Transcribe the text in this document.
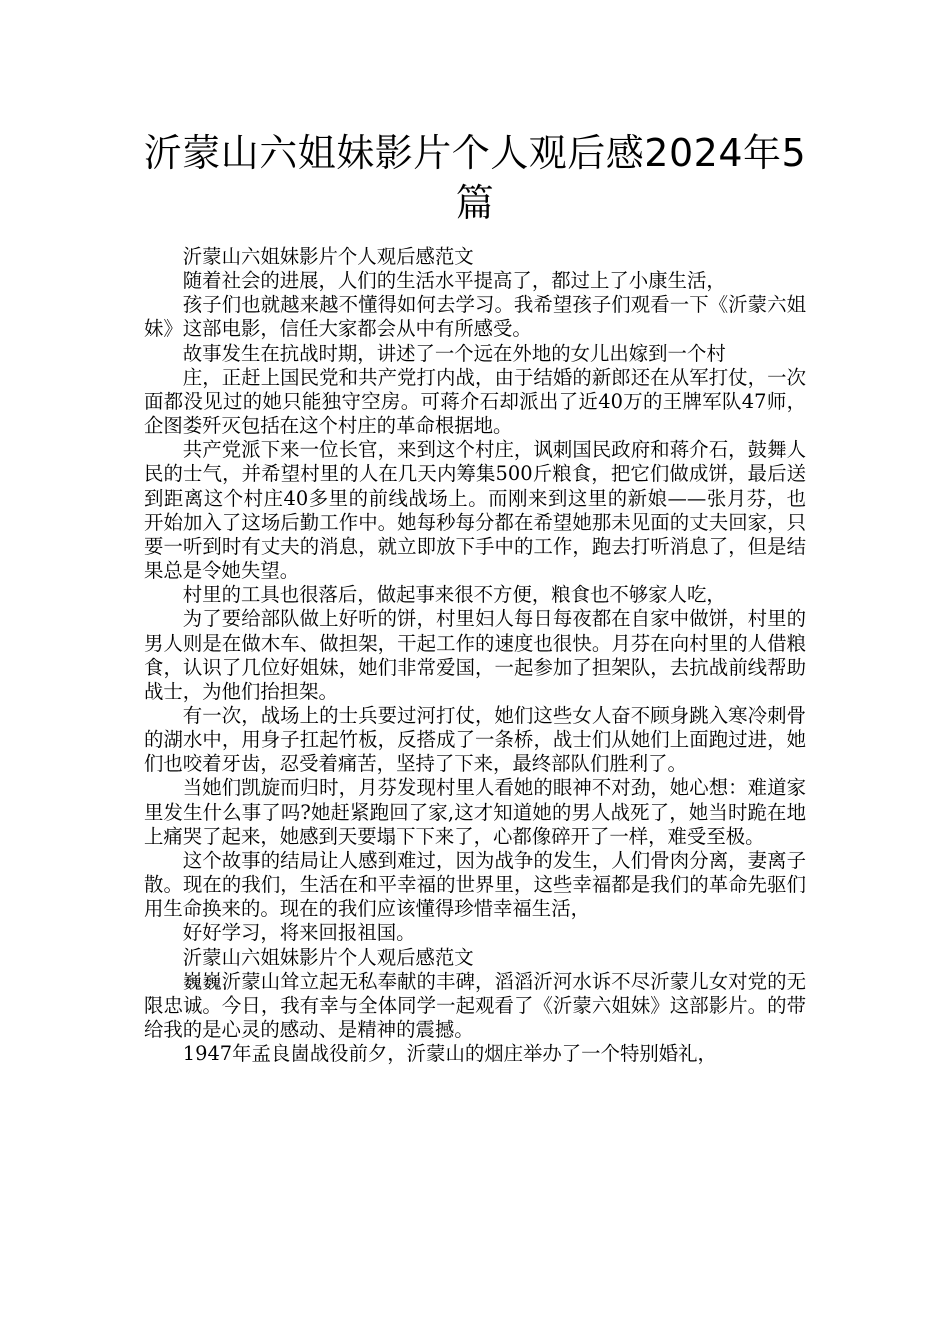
沂蒙山六姐妹影片个人观后感2024年5篇

沂蒙山六姐妹影片个人观后感范文

随着社会的进展，人们的生活水平提高了，都过上了小康生活，

孩子们也就越来越不懂得如何去学习。我希望孩子们观看一下《沂蒙六姐妹》这部电影，信任大家都会从中有所感受。

故事发生在抗战时期，讲述了一个远在外地的女儿出嫁到一个村

庄，正赶上国民党和共产党打内战，由于结婚的新郎还在从军打仗，一次面都没见过的她只能独守空房。可蒋介石却派出了近40万的王牌军队47师，企图娄歼灭包括在这个村庄的革命根据地。

共产党派下来一位长官，来到这个村庄，讽刺国民政府和蒋介石，鼓舞人民的士气，并希望村里的人在几天内筹集500斤粮食，把它们做成饼，最后送到距离这个村庄40多里的前线战场上。而刚来到这里的新娘——张月芬，也开始加入了这场后勤工作中。她每秒每分都在希望她那未见面的丈夫回家，只要一听到时有丈夫的消息，就立即放下手中的工作，跑去打听消息了，但是结果总是令她失望。

村里的工具也很落后，做起事来很不方便，粮食也不够家人吃，

为了要给部队做上好听的饼，村里妇人每日每夜都在自家中做饼，村里的男人则是在做木车、做担架，干起工作的速度也很快。月芬在向村里的人借粮食，认识了几位好姐妹，她们非常爱国，一起参加了担架队，去抗战前线帮助战士，为他们抬担架。

有一次，战场上的士兵要过河打仗，她们这些女人奋不顾身跳入寒冷刺骨的湖水中，用身子扛起竹板，反搭成了一条桥，战士们从她们上面跑过进，她们也咬着牙齿，忍受着痛苦，坚持了下来，最终部队们胜利了。

当她们凯旋而归时，月芬发现村里人看她的眼神不对劲，她心想：难道家里发生什么事了吗?她赶紧跑回了家,这才知道她的男人战死了，她当时跪在地上痛哭了起来，她感到天要塌下下来了，心都像碎开了一样，难受至极。

这个故事的结局让人感到难过，因为战争的发生，人们骨肉分离，妻离子散。现在的我们，生活在和平幸福的世界里，这些幸福都是我们的革命先驱们用生命换来的。现在的我们应该懂得珍惜幸福生活，

好好学习，将来回报祖国。

沂蒙山六姐妹影片个人观后感范文

巍巍沂蒙山耸立起无私奉献的丰碑，滔滔沂河水诉不尽沂蒙儿女对党的无限忠诚。今日，我有幸与全体同学一起观看了《沂蒙六姐妹》这部影片。的带给我的是心灵的感动、是精神的震撼。

1947年孟良崮战役前夕，沂蒙山的烟庄举办了一个特别婚礼，
